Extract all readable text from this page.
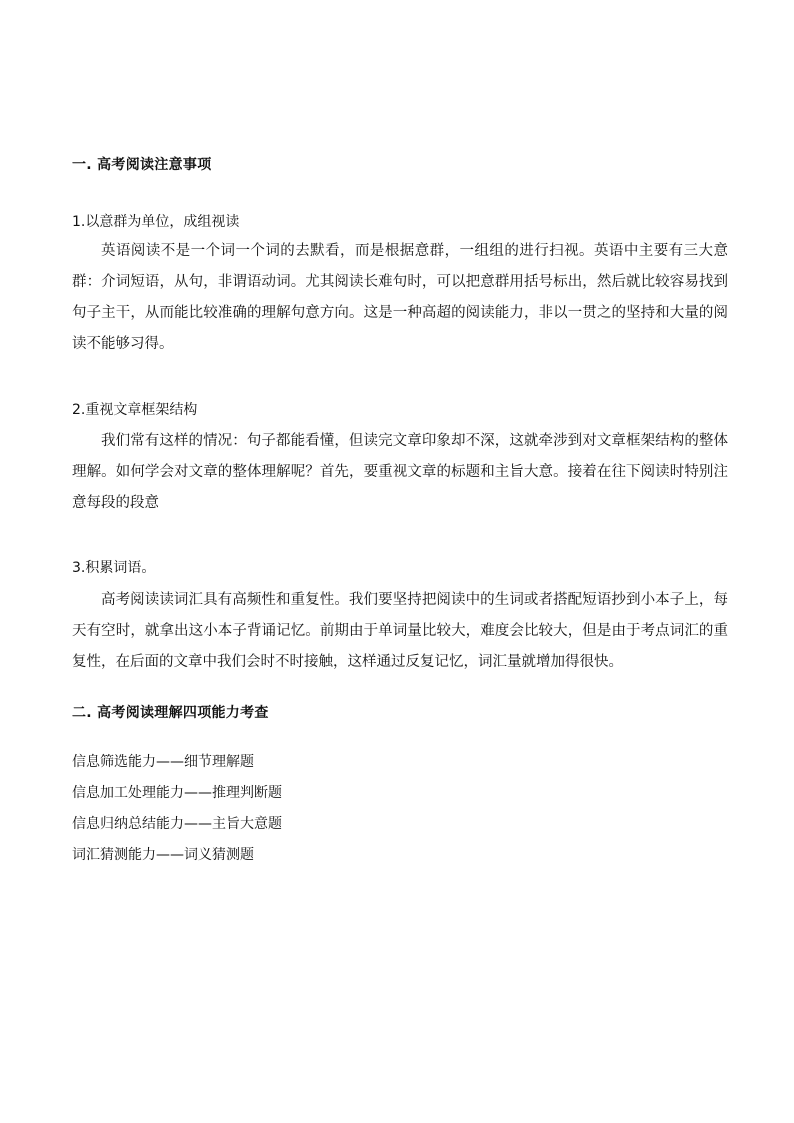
一. 高考阅读注意事项

1.以意群为单位，成组视读

英语阅读不是一个词一个词的去默看，而是根据意群，一组组的进行扫视。英语中主要有三大意群：介词短语，从句，非谓语动词。尤其阅读长难句时，可以把意群用括号标出，然后就比较容易找到句子主干，从而能比较准确的理解句意方向。这是一种高超的阅读能力，非以一贯之的坚持和大量的阅读不能够习得。

2.重视文章框架结构

我们常有这样的情况：句子都能看懂，但读完文章印象却不深，这就牵涉到对文章框架结构的整体理解。如何学会对文章的整体理解呢？首先，要重视文章的标题和主旨大意。接着在往下阅读时特别注意每段的段意

3.积累词语。

高考阅读读词汇具有高频性和重复性。我们要坚持把阅读中的生词或者搭配短语抄到小本子上，每天有空时，就拿出这小本子背诵记忆。前期由于单词量比较大，难度会比较大，但是由于考点词汇的重复性，在后面的文章中我们会时不时接触，这样通过反复记忆，词汇量就增加得很快。

二. 高考阅读理解四项能力考查

信息筛选能力——细节理解题

信息加工处理能力——推理判断题

信息归纳总结能力——主旨大意题

词汇猜测能力——词义猜测题
